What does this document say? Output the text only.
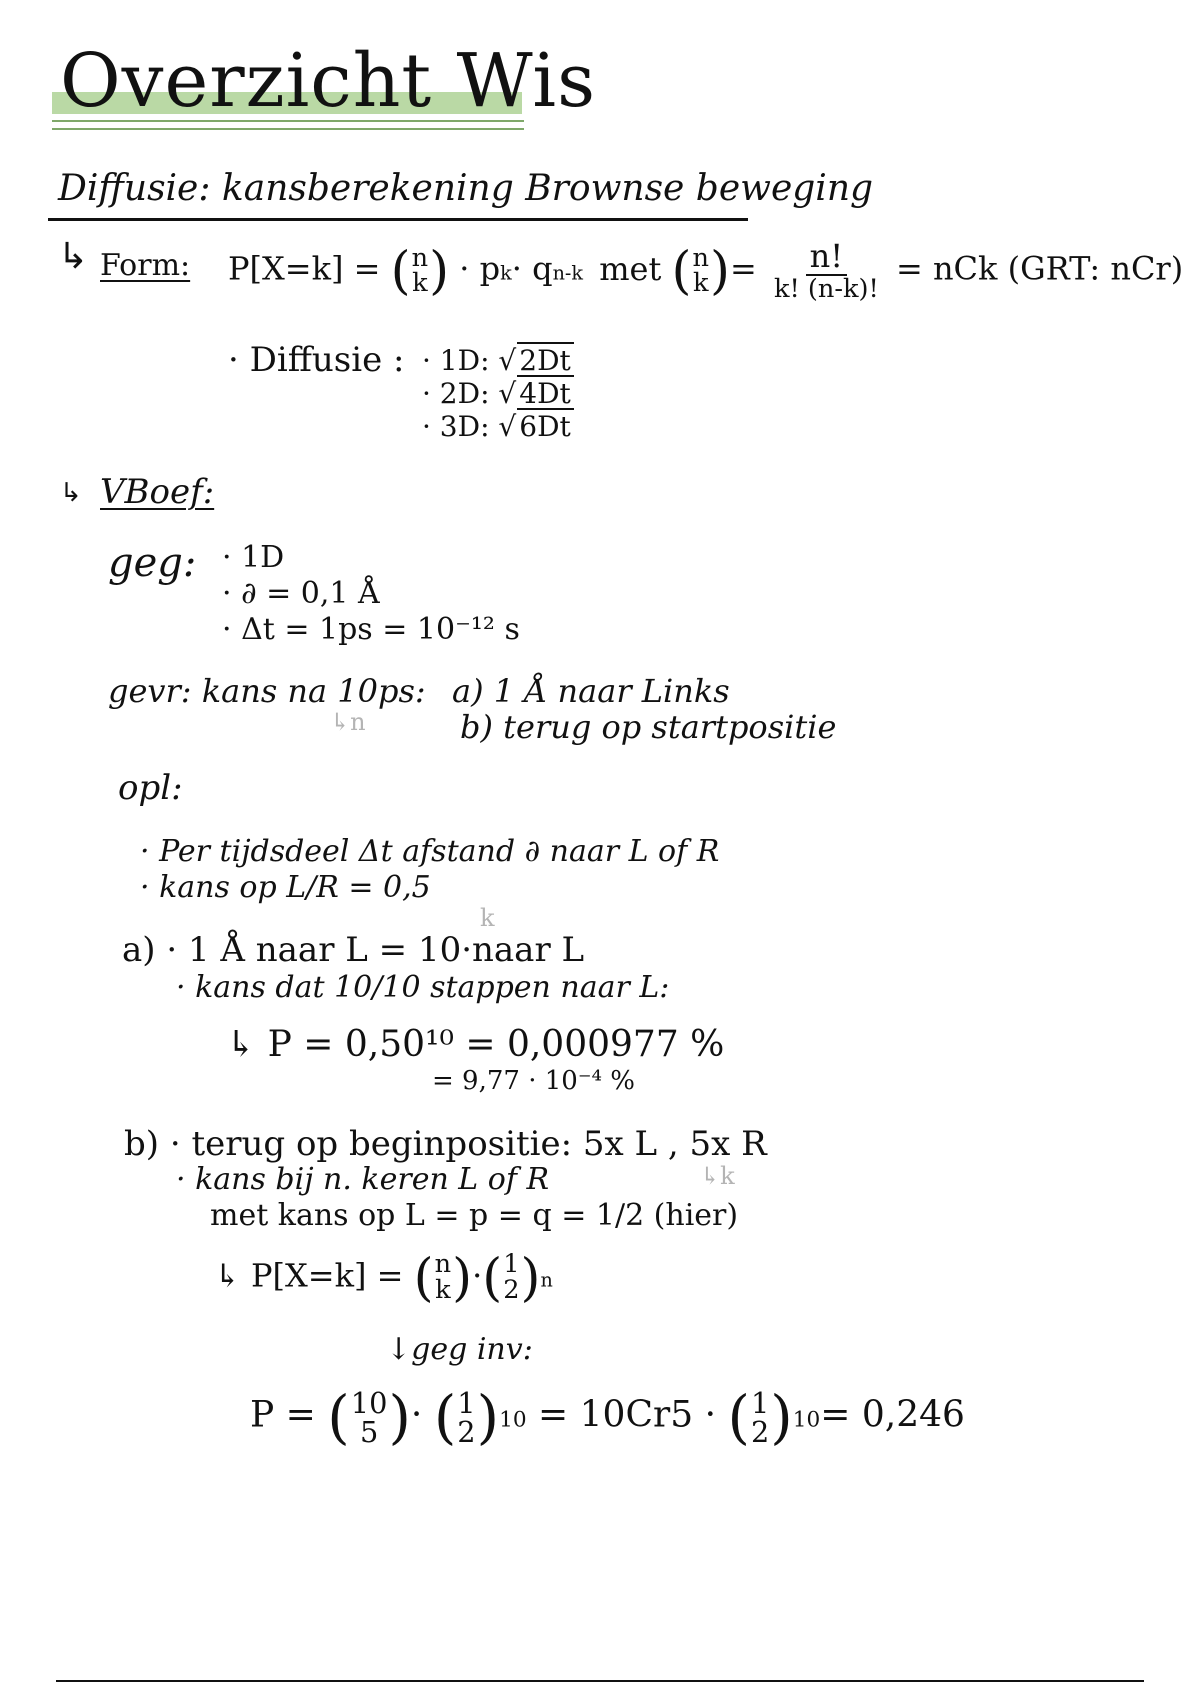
Overzicht Wis
Diffusie: kansberekening Brownse beweging
↳ Form: P[X=k] = ( n
k ) · $p^k\cdot q^{n-k}$ met ( n
k )= $\frac{n!}{k! (n-k)!}$ = nCk (GRT: nCr)
· Diffusie : · 1D: √ 2Dt
· 2D: √ 4Dt
· 3D: √ 6Dt
↳ VBoef:
geg: · 1D
· ∂ = 0,1 Å
· Δt = 1ps = 10⁻¹² s
gevr: kans na 10ps:
↳n
a) 1 Å naar Links
b) terug op startpositie
opl:
· Per tijdsdeel Δt afstand ∂ naar L of R
· kans op L/R = 0,5
k
a) · 1 Å naar L = 10·naar L
· kans dat 10/10 stappen naar L:
↳ P = 0,50¹⁰ = 0,000977 %
= 9,77 · 10⁻⁴ %
b) · terug op beginpositie: 5x L , 5x R
↳k
· kans bij n. keren L of R
met kans op L = p = q = 1/2 (hier)
↳ P[X=k] = ( n
k )·( 1
2 )$^n$
↓geg inv:
P = ( 10
5 )· ( 1
2 )$^{10}$ = 10Cr5 · ( 1
2 )$^{10}$= 0,246
